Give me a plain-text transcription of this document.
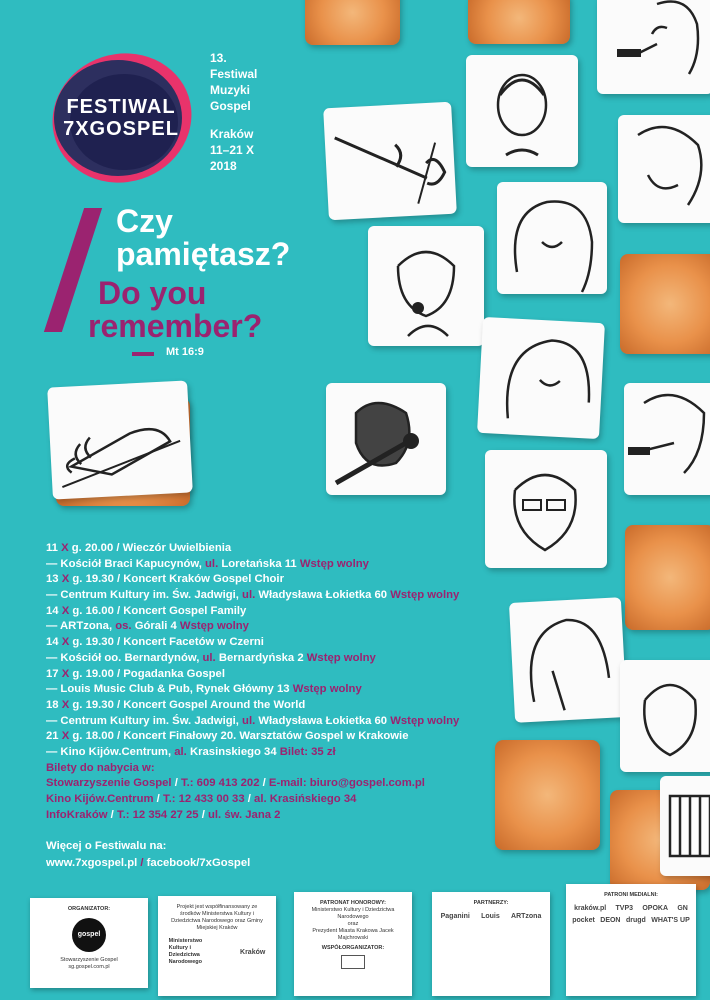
FESTIWAL
7XGOSPEL
13.
Festiwal
Muzyki
Gospel
Kraków
11–21 X
2018
Czy
pamiętasz?
Do you
remember?
Mt 16:9
11 X g. 20.00 / Wieczór Uwielbienia
— Kościół Braci Kapucynów, ul. Loretańska 11 Wstęp wolny
13 X g. 19.30 / Koncert Kraków Gospel Choir
— Centrum Kultury im. Św. Jadwigi, ul. Władysława Łokietka 60 Wstęp wolny
14 X g. 16.00 / Koncert Gospel Family
— ARTzona, os. Górali 4 Wstęp wolny
14 X g. 19.30 / Koncert Facetów w Czerni
— Kościół oo. Bernardynów, ul. Bernardyńska 2 Wstęp wolny
17 X g. 19.00 / Pogadanka Gospel
— Louis Music Club & Pub, Rynek Główny 13 Wstęp wolny
18 X g. 19.30 / Koncert Gospel Around the World
— Centrum Kultury im. Św. Jadwigi, ul. Władysława Łokietka 60 Wstęp wolny
21 X g. 18.00 / Koncert Finałowy 20. Warsztatów Gospel w Krakowie
— Kino Kijów.Centrum, al. Krasinskiego 34 Bilet: 35 zł
Bilety do nabycia w:
Stowarzyszenie Gospel / T.: 609 413 202 / E-mail: biuro@gospel.com.pl
Kino Kijów.Centrum / T.: 12 433 00 33 / al. Krasińskiego 34
InfoKraków / T.: 12 354 27 25 / ul. św. Jana 2
Więcej o Festiwalu na:
www.7xgospel.pl / facebook/7xGospel
ORGANIZATOR:
gospel
Stowarzyszenie Gospel
sg.gospel.com.pl
Projekt jest współfinansowany ze środków Ministerstwa Kultury i Dziedzictwa Narodowego oraz Gminy Miejskiej Kraków
Ministerstwo Kultury i Dziedzictwa Narodowego
Kraków
PATRONAT HONOROWY:
Ministerstwo Kultury i Dziedzictwa Narodowego
oraz
Prezydent Miasta Krakowa Jacek Majchrowski
WSPÓŁORGANIZATOR:
PARTNERZY:
Paganini Louis ARTzona
PATRONI MEDIALNI:
kraków.pl TVP3 OPOKA GN
pocket DEON drugd WHAT'S UP
